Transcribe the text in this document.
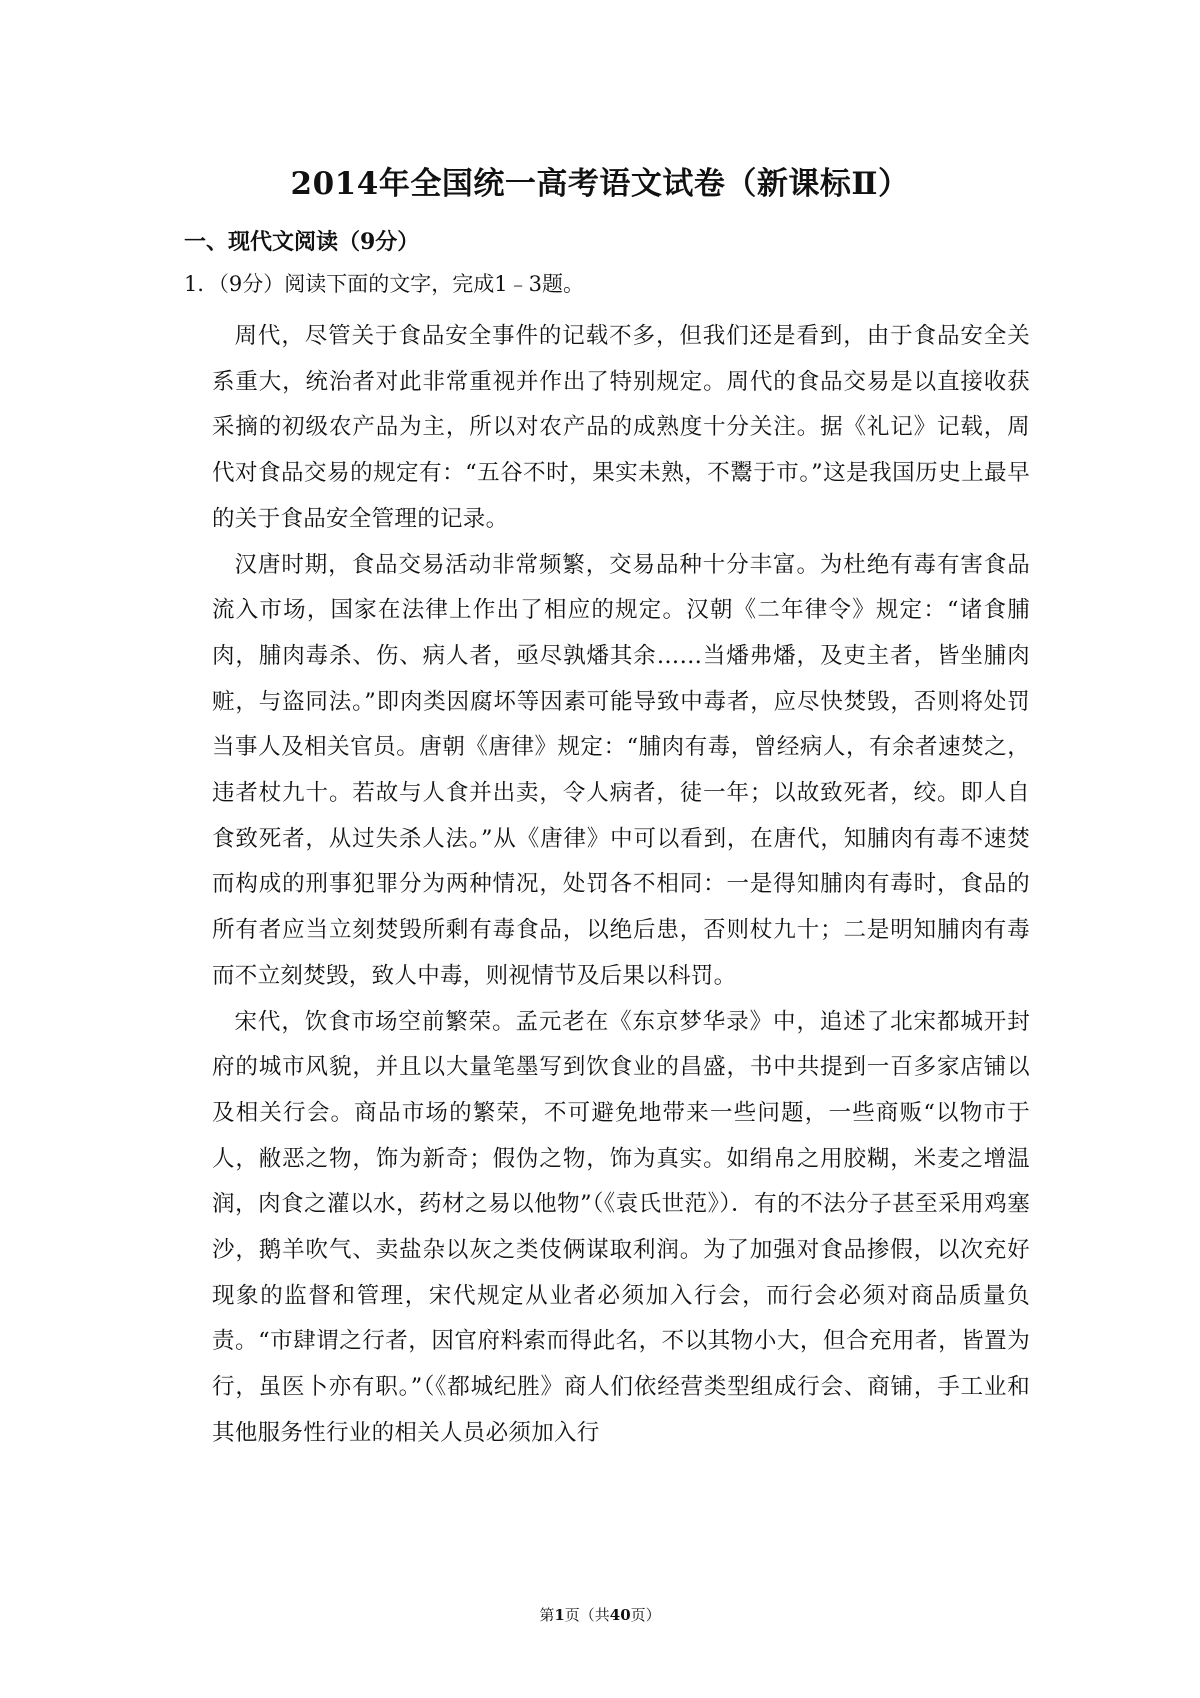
2014年全国统一高考语文试卷（新课标Ⅱ）
一、现代文阅读（9分）

1．（9分）阅读下面的文字，完成1﹣3题。

周代，尽管关于食品安全事件的记载不多，但我们还是看到，由于食品安全关系重大，统治者对此非常重视并作出了特别规定。周代的食品交易是以直接收获采摘的初级农产品为主，所以对农产品的成熟度十分关注。据《礼记》记载，周代对食品交易的规定有：“五谷不时，果实未熟，不鬻于市。”这是我国历史上最早的关于食品安全管理的记录。

汉唐时期，食品交易活动非常频繁，交易品种十分丰富。为杜绝有毒有害食品流入市场，国家在法律上作出了相应的规定。汉朝《二年律令》规定：“诸食脯肉，脯肉毒杀、伤、病人者，亟尽孰燔其余……当燔弗燔，及吏主者，皆坐脯肉赃，与盗同法。”即肉类因腐坏等因素可能导致中毒者，应尽快焚毁，否则将处罚当事人及相关官员。唐朝《唐律》规定：“脯肉有毒，曾经病人，有余者速焚之，违者杖九十。若故与人食并出卖，令人病者，徒一年；以故致死者，绞。即人自食致死者，从过失杀人法。”从《唐律》中可以看到，在唐代，知脯肉有毒不速焚而构成的刑事犯罪分为两种情况，处罚各不相同：一是得知脯肉有毒时，食品的所有者应当立刻焚毁所剩有毒食品，以绝后患，否则杖九十；二是明知脯肉有毒而不立刻焚毁，致人中毒，则视情节及后果以科罚。

宋代，饮食市场空前繁荣。孟元老在《东京梦华录》中，追述了北宋都城开封府的城市风貌，并且以大量笔墨写到饮食业的昌盛，书中共提到一百多家店铺以及相关行会。商品市场的繁荣，不可避免地带来一些问题，一些商贩“以物市于人，敝恶之物，饰为新奇；假伪之物，饰为真实。如绢帛之用胶糊，米麦之增温润，肉食之灌以水，药材之易以他物”（《袁氏世范》）．有的不法分子甚至采用鸡塞沙，鹅羊吹气、卖盐杂以灰之类伎俩谋取利润。为了加强对食品掺假，以次充好现象的监督和管理，宋代规定从业者必须加入行会，而行会必须对商品质量负责。“市肆谓之行者，因官府料索而得此名，不以其物小大，但合充用者，皆置为行，虽医卜亦有职。”（《都城纪胜》商人们依经营类型组成行会、商铺，手工业和其他服务性行业的相关人员必须加入行

第1页（共40页）
